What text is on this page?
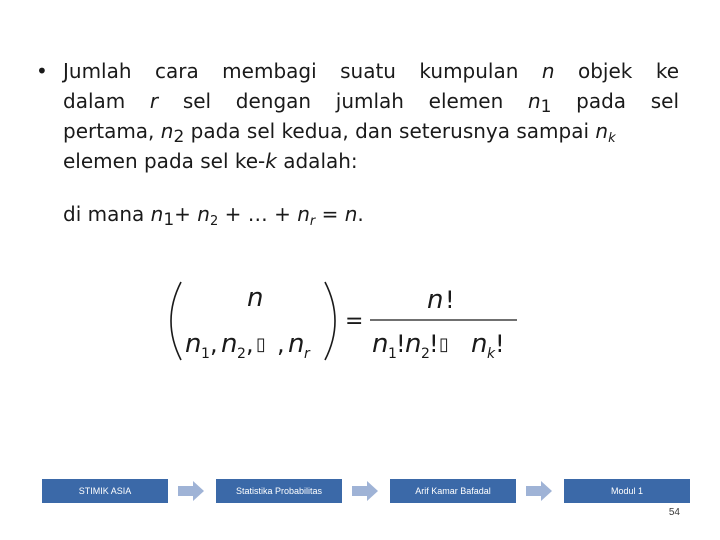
• Jumlah cara membagi suatu kumpulan n objek ke
dalam r sel dengan jumlah elemen $n_1$ pada sel
pertama, $n_2$ pada sel kedua, dan seterusnya sampai $n_k$
elemen pada sel ke-k adalah:
di mana $n_1+ n_2$ + … + $n_r = n$.
n
n 1 , n 2 , ▯ , n r
=
n !
n 1 ! n 2 ! ▯ n k !
STIMIK ASIA	Statistika Probabilitas	Arif Kamar Bafadal	Modul 1
54
